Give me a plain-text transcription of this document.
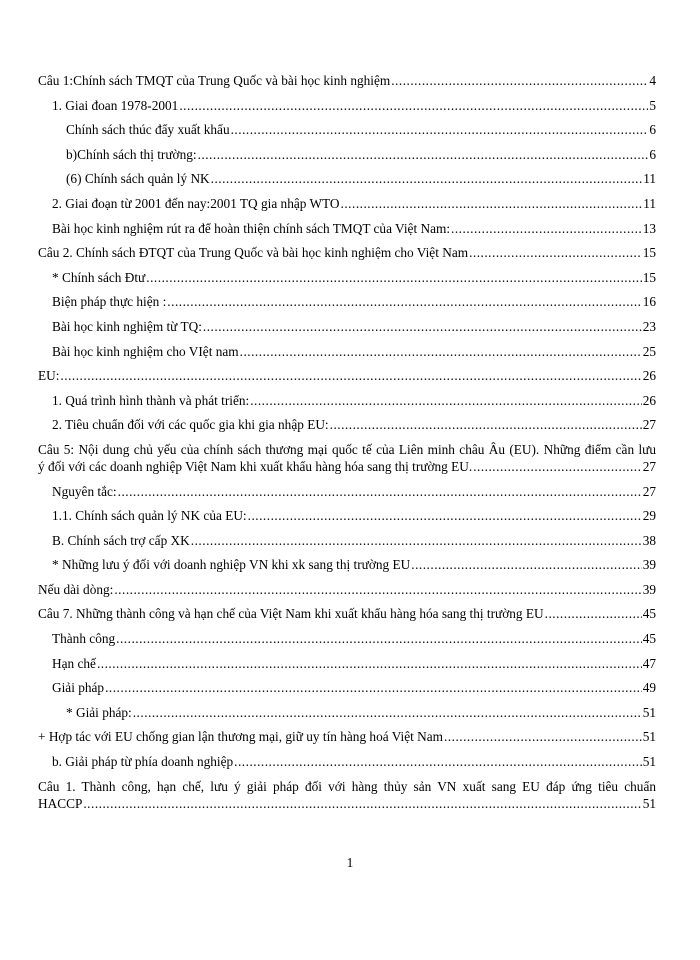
Câu 1:Chính sách TMQT của Trung Quốc và bài học kinh nghiệm .....	4
1. Giai đoan 1978-2001 .....	5
Chính sách thúc đẩy xuất khẩu .....	6
b)Chính sách thị trường: .....	6
(6) Chính sách quản lý NK .....	11
2. Giai đoạn từ 2001 đến nay:2001 TQ gia nhập WTO .....	11
Bài học kinh nghiệm rút ra để hoàn thiện chính sách TMQT của Việt Nam: .....	13
Câu 2. Chính sách ĐTQT của Trung Quốc và bài học kinh nghiệm cho Việt Nam .....	15
* Chính sách Đtư .....	15
Biện pháp thực hiện : .....	16
Bài học kinh nghiệm từ TQ: .....	23
Bài học kinh nghiệm cho VIệt nam .....	25
EU: .....	26
1. Quá trình hình thành và phát triển: .....	26
2. Tiêu chuẩn đối với các quốc gia khi gia nhập EU: .....	27
Câu 5: Nội dung chủ yếu của chính sách thương mại quốc tế của Liên minh châu Âu (EU). Những điểm cần lưu
ý đối với các doanh nghiệp Việt Nam khi xuất khẩu hàng hóa sang thị trường EU. .....	27
Nguyên tắc: .....	27
1.1. Chính sách quản lý NK của EU: .....	29
B. Chính sách trợ cấp XK .....	38
* Những lưu ý đối với doanh nghiệp VN khi xk sang thị trường EU .....	39
Nếu dài dòng: .....	39
Câu 7. Những thành công và hạn chế của Việt Nam khi xuất khẩu hàng hóa sang thị trường EU .....	45
Thành công .....	45
Hạn chế .....	47
Giải pháp .....	49
* Giải pháp: .....	51
+ Hợp tác với EU chống gian lận thương mại, giữ uy tín hàng hoá Việt Nam .....	51
b. Giải pháp từ phía doanh nghiệp .....	51
Câu 1. Thành công, hạn chế, lưu ý giải pháp đối với hàng thủy sản VN xuất sang EU đáp ứng tiêu chuẩn
HACCP .....	51
1
